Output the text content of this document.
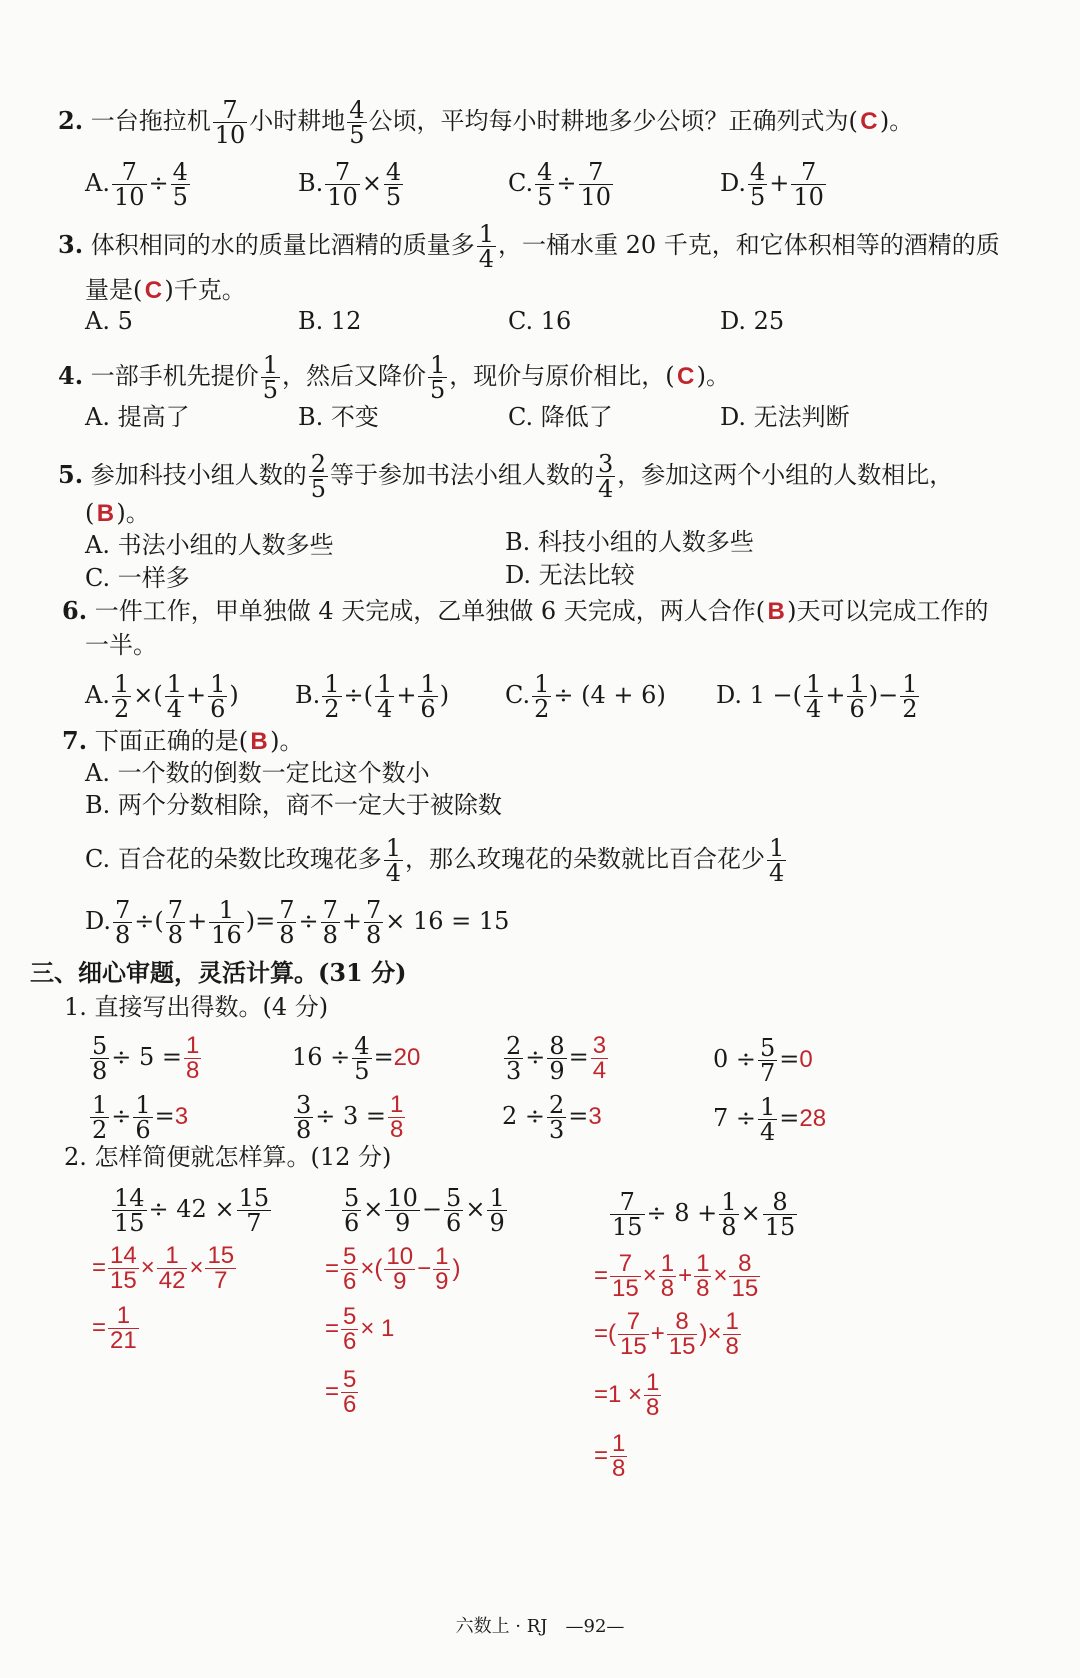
2. 一台拖拉机 $\frac{7}{10}$ 小时耕地 $\frac{4}{5}$ 公顷，平均每小时耕地多少公顷？正确列式为(C)。
A. $\frac{7}{10} \div \frac{4}{5}$	B. $\frac{7}{10} \times \frac{4}{5}$	C. $\frac{4}{5} \div \frac{7}{10}$	D. $\frac{4}{5} + \frac{7}{10}$
3. 体积相同的水的质量比酒精的质量多 $\frac{1}{4}$ ，一桶水重 20 千克，和它体积相等的酒精的质
量是(C)千克。
A. 5	B. 12	C. 16	D. 25
4. 一部手机先提价 $\frac{1}{5}$ ，然后又降价 $\frac{1}{5}$ ，现价与原价相比，(C)。
A. 提高了	B. 不变	C. 降低了	D. 无法判断
5. 参加科技小组人数的 $\frac{2}{5}$ 等于参加书法小组人数的 $\frac{3}{4}$ ，参加这两个小组的人数相比，
(B)。
A. 书法小组的人数多些	B. 科技小组的人数多些
C. 一样多	D. 无法比较
6. 一件工作，甲单独做 4 天完成，乙单独做 6 天完成，两人合作(B)天可以完成工作的
一半。
A. $\frac{1}{2}$ ×( $\frac{1}{4} + \frac{1}{6}$ ) B. $\frac{1}{2}$ ÷( $\frac{1}{4} + \frac{1}{6}$ ) C. $\frac{1}{2} \div (4 + 6)$ D. 1 −( $\frac{1}{4} + \frac{1}{6}$ )− $\frac{1}{2}$
7. 下面正确的是(B)。
A. 一个数的倒数一定比这个数小
B. 两个分数相除，商不一定大于被除数
C. 百合花的朵数比玫瑰花多 $\frac{1}{4}$ ，那么玫瑰花的朵数就比百合花少 $\frac{1}{4}$
D. $\frac{7}{8}$ ÷( $\frac{7}{8} + \frac{1}{16}$ )= $\frac{7}{8} \div \frac{7}{8} + \frac{7}{8} \times 16 = 15$
三、细心审题，灵活计算。(31 分)
1. 直接写出得数。(4 分)
$\frac{5}{8} \div 5 = \frac{1}{8}$	$16 \div \frac{4}{5} =20$	$\frac{2}{3} \div \frac{8}{9} = \frac{3}{4}$	$0 \div \frac{5}{7} =0$
$\frac{1}{2} \div \frac{1}{6} =3$	$\frac{3}{8} \div 3 = \frac{1}{8}$	$2 \div \frac{2}{3} =3$	$7 \div \frac{1}{4} =28$
2. 怎样简便就怎样算。(12 分)
$\frac{14}{15} \div 42 \times \frac{15}{7}$
= $\frac{14}{15} \times \frac{1}{42} \times \frac{15}{7}$
= $\frac{1}{21}$
$\frac{5}{6} \times \frac{10}{9} - \frac{5}{6} \times \frac{1}{9}$
= $\frac{5}{6}$ ×( $\frac{10}{9} - \frac{1}{9}$ )
= $\frac{5}{6} \times 1$
= $\frac{5}{6}$
$\frac{7}{15} \div 8 + \frac{1}{8} \times \frac{8}{15}$
= $\frac{7}{15} \times \frac{1}{8} + \frac{1}{8} \times \frac{8}{15}$
=( $\frac{7}{15} + \frac{8}{15}$ )× $\frac{1}{8}$
$=1 \times \frac{1}{8}$
= $\frac{1}{8}$
六数上 · RJ　—92—
